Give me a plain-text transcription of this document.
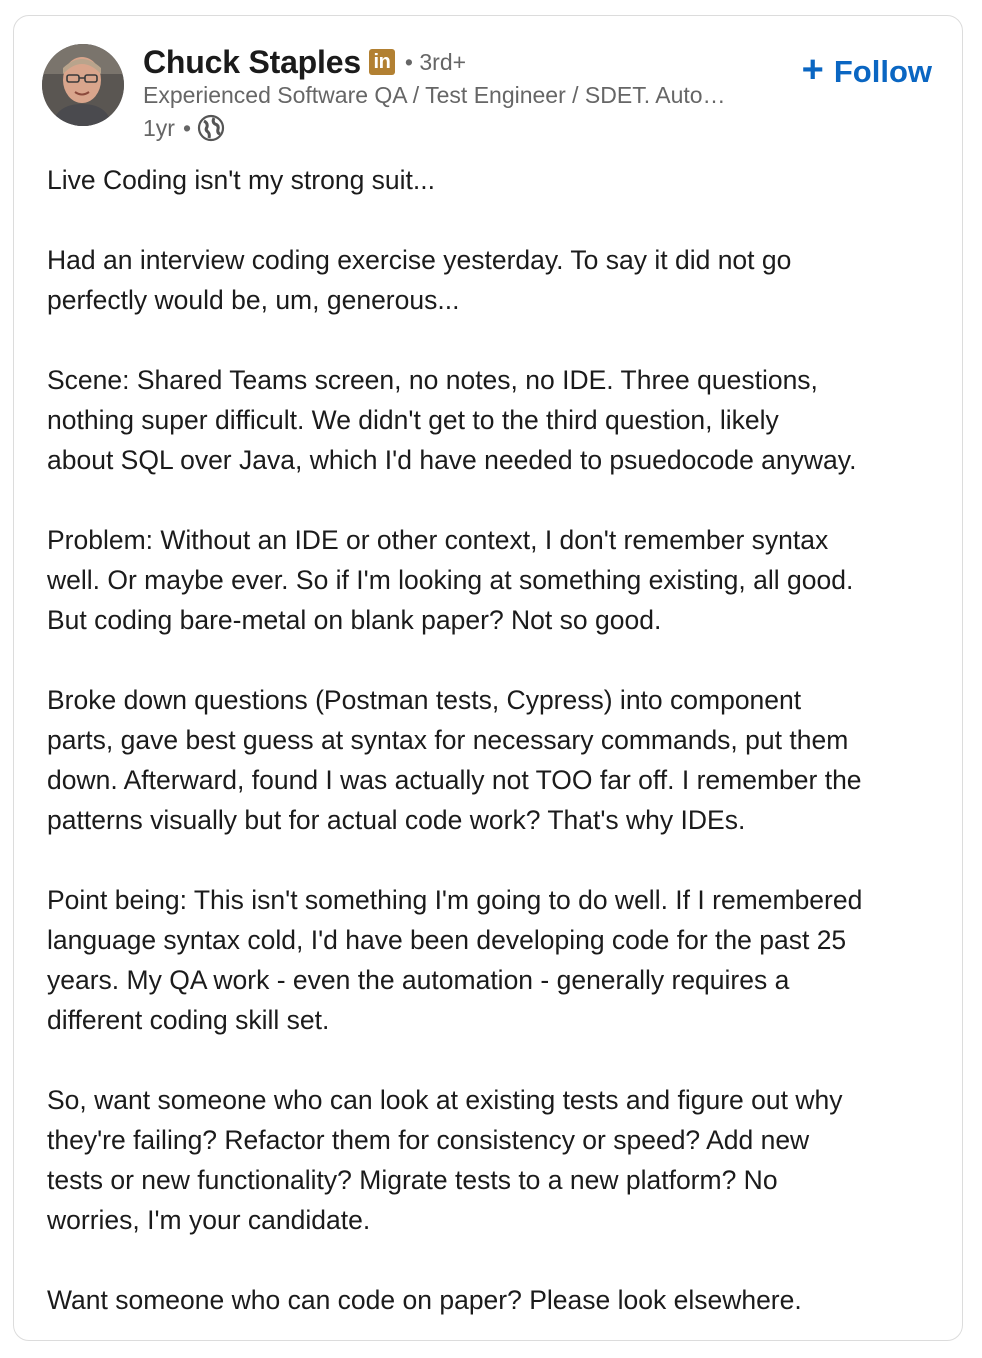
Chuck Staples in • 3rd+
Experienced Software QA / Test Engineer / SDET. Auto…
1yr •
+ Follow

Live Coding isn't my strong suit...

Had an interview coding exercise yesterday. To say it did not go
perfectly would be, um, generous...

Scene: Shared Teams screen, no notes, no IDE. Three questions,
nothing super difficult. We didn't get to the third question, likely
about SQL over Java, which I'd have needed to psuedocode anyway.

Problem: Without an IDE or other context, I don't remember syntax
well. Or maybe ever. So if I'm looking at something existing, all good.
But coding bare-metal on blank paper? Not so good.

Broke down questions (Postman tests, Cypress) into component
parts, gave best guess at syntax for necessary commands, put them
down. Afterward, found I was actually not TOO far off. I remember the
patterns visually but for actual code work? That's why IDEs.

Point being: This isn't something I'm going to do well. If I remembered
language syntax cold, I'd have been developing code for the past 25
years. My QA work - even the automation - generally requires a
different coding skill set.

So, want someone who can look at existing tests and figure out why
they're failing? Refactor them for consistency or speed? Add new
tests or new functionality? Migrate tests to a new platform? No
worries, I'm your candidate.

Want someone who can code on paper? Please look elsewhere.
